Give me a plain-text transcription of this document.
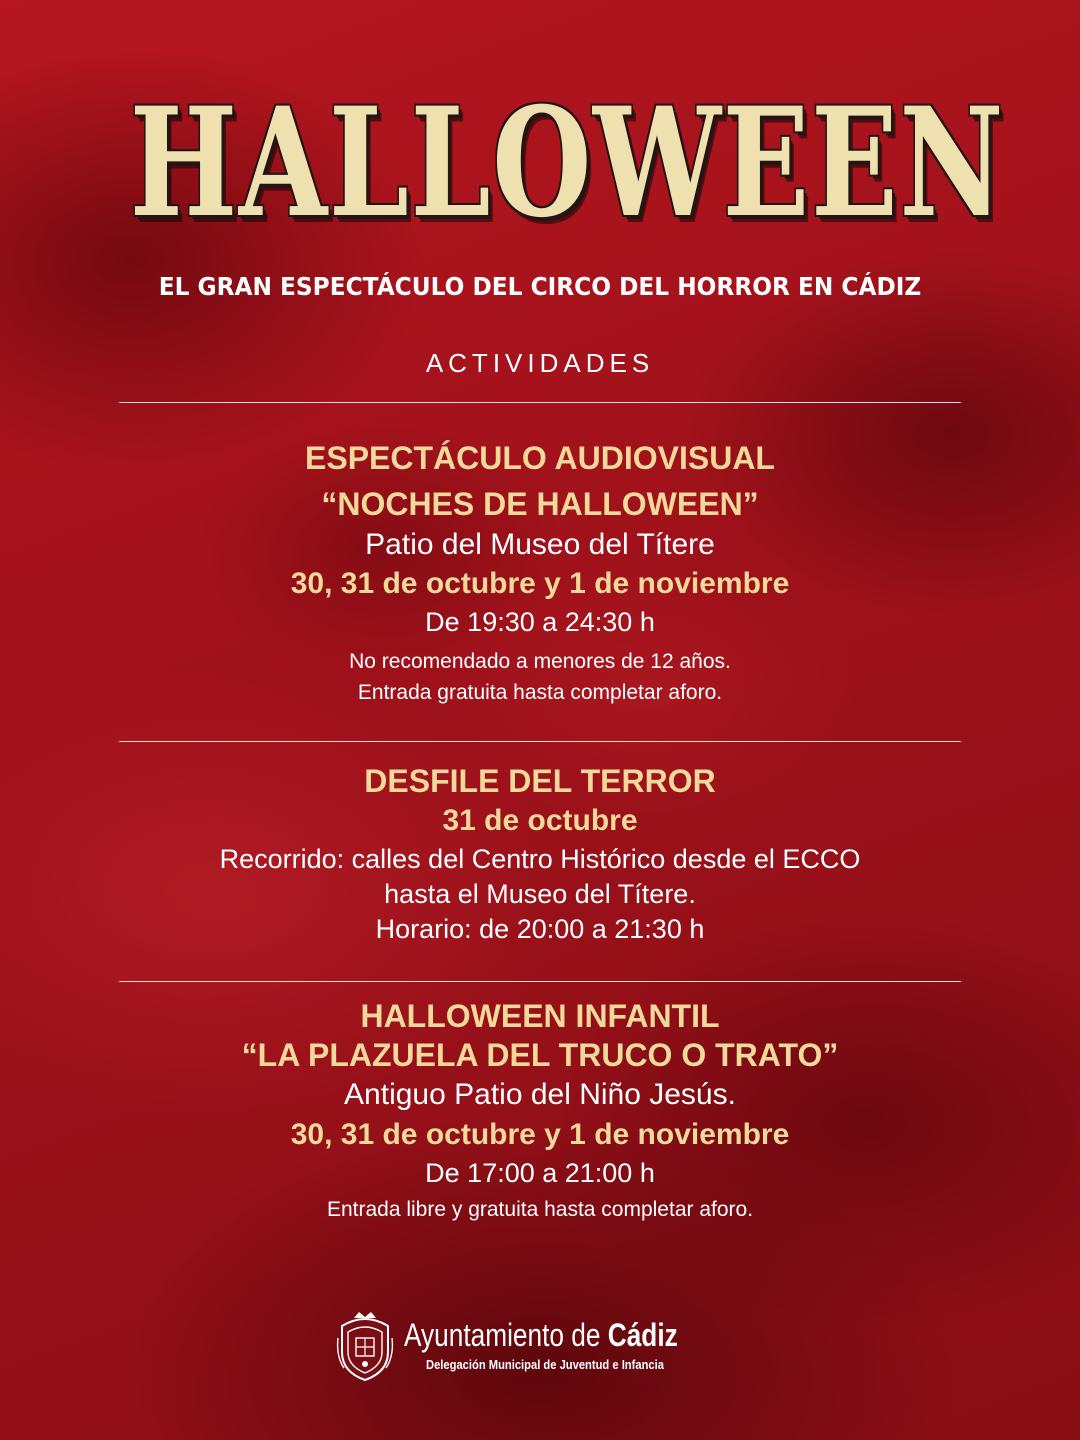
HALLOWEEN
EL GRAN ESPECTÁCULO DEL CIRCO DEL HORROR EN CÁDIZ
ACTIVIDADES
ESPECTÁCULO AUDIOVISUAL
“NOCHES DE HALLOWEEN”
Patio del Museo del Títere
30, 31 de octubre y 1 de noviembre
De 19:30 a 24:30 h
No recomendado a menores de 12 años.
Entrada gratuita hasta completar aforo.
DESFILE DEL TERROR
31 de octubre
Recorrido: calles del Centro Histórico desde el ECCO
hasta el Museo del Títere.
Horario: de 20:00 a 21:30 h
HALLOWEEN INFANTIL
“LA PLAZUELA DEL TRUCO O TRATO”
Antiguo Patio del Niño Jesús.
30, 31 de octubre y 1 de noviembre
De 17:00 a 21:00 h
Entrada libre y gratuita hasta completar aforo.
Ayuntamiento de Cádiz
Delegación Municipal de Juventud e Infancia
